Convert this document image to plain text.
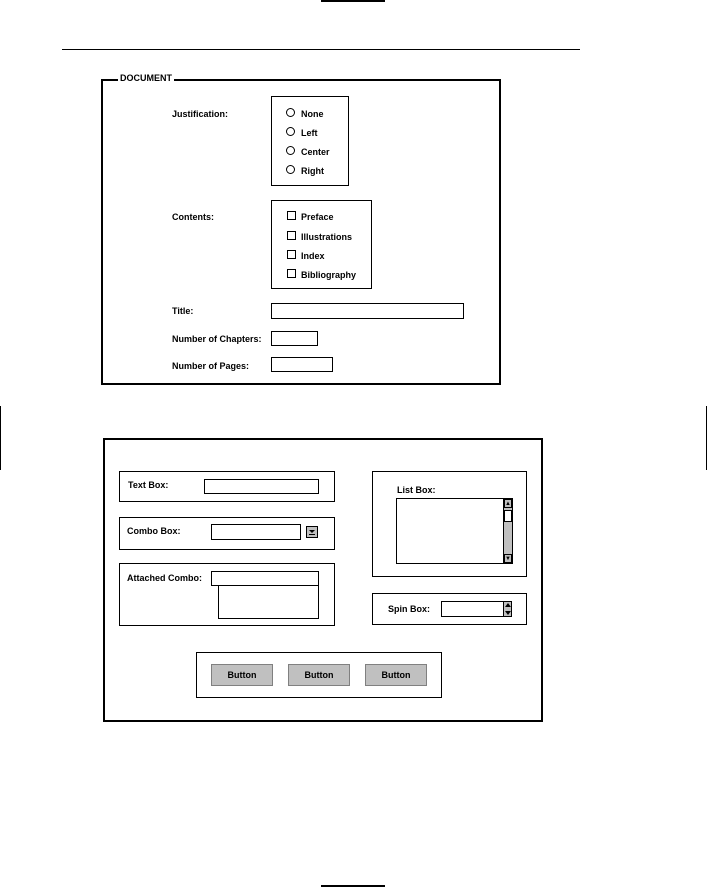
DOCUMENT
Justification:	None
Left
Center
Right
Contents:	Preface
Illustrations
Index
Bibliography
Title:
Number of Chapters:
Number of Pages:
Text Box:
Combo Box:
Attached Combo:
List Box:
▲
▼
Spin Box:
Button	Button	Button
